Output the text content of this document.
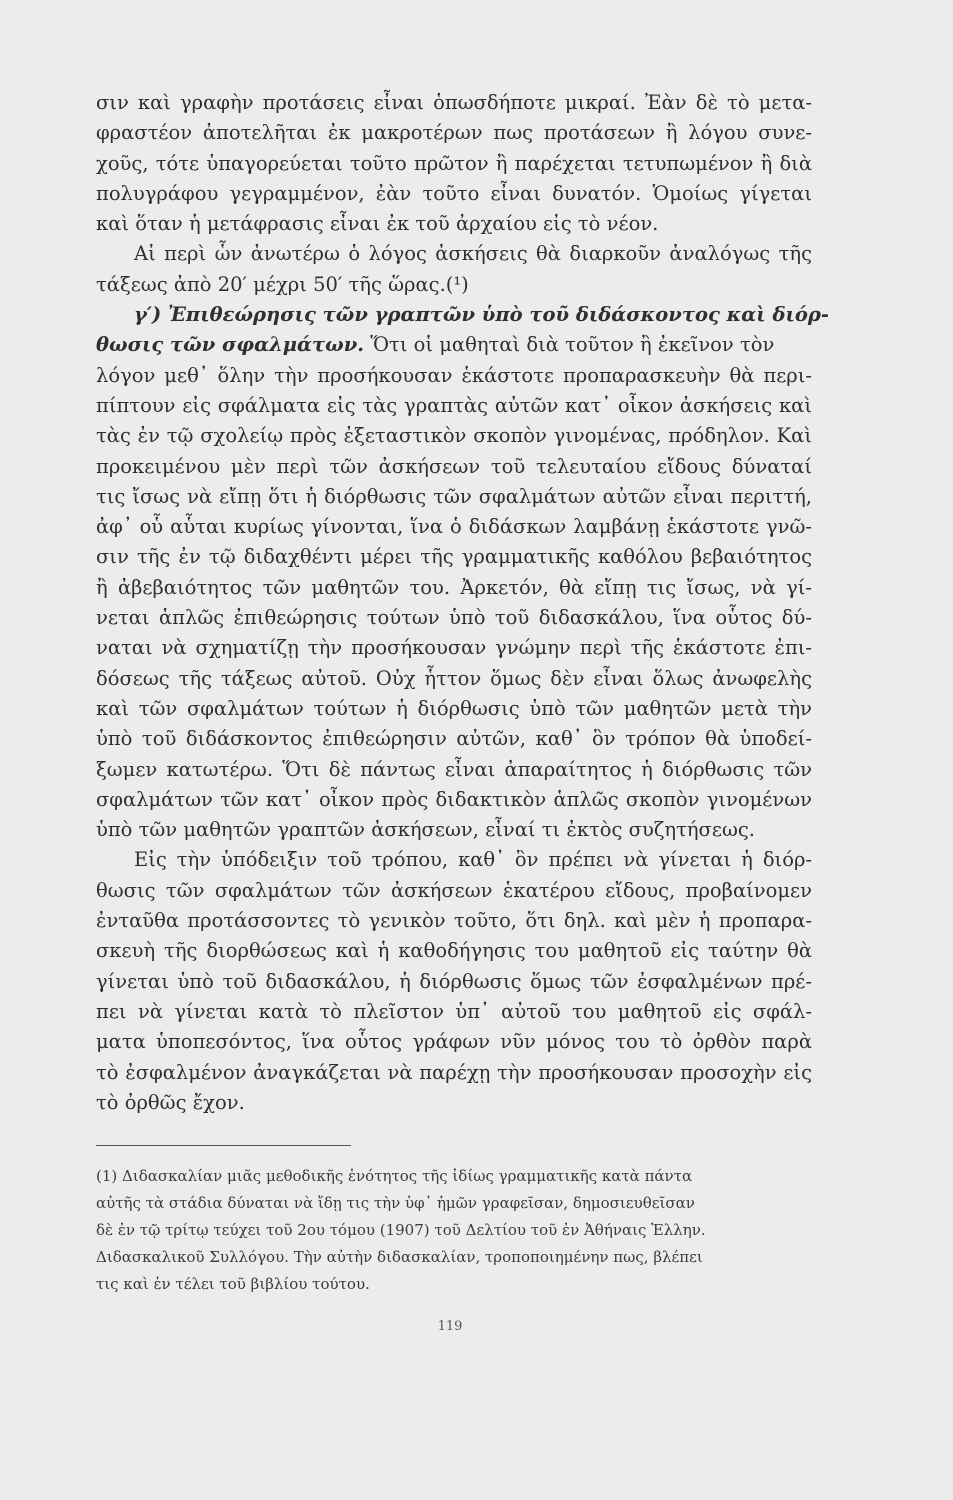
σιν καὶ γραφὴν προτάσεις εἶναι ὁπωσδήποτε μικραί. Ἐὰν δὲ τὸ μετα-
φραστέον ἀποτελῆται ἐκ μακροτέρων πως προτάσεων ἢ λόγου συνε-
χοῦς, τότε ὑπαγορεύεται τοῦτο πρῶτον ἢ παρέχεται τετυπωμένον ἢ διὰ
πολυγράφου γεγραμμένον, ἐὰν τοῦτο εἶναι δυνατόν. Ὁμοίως γίγεται
καὶ ὅταν ἡ μετάφρασις εἶναι ἐκ τοῦ ἀρχαίου εἰς τὸ νέον.
Αἱ περὶ ὧν ἀνωτέρω ὁ λόγος ἀσκήσεις θὰ διαρκοῦν ἀναλόγως τῆς
τάξεως ἀπὸ 20′ μέχρι 50′ τῆς ὥρας.(¹)
γ′) Ἐπιθεώρησις τῶν γραπτῶν ὑπὸ τοῦ διδάσκοντος καὶ διόρ-
θωσις τῶν σφαλμάτων. Ὅτι οἱ μαθηταὶ διὰ τοῦτον ἢ ἐκεῖνον τὸν
λόγον μεθ᾽ ὅλην τὴν προσήκουσαν ἑκάστοτε προπαρασκευὴν θὰ περι-
πίπτουν εἰς σφάλματα εἰς τὰς γραπτὰς αὐτῶν κατ᾽ οἶκον ἀσκήσεις καὶ
τὰς ἐν τῷ σχολείῳ πρὸς ἐξεταστικὸν σκοπὸν γινομένας, πρόδηλον. Καὶ
προκειμένου μὲν περὶ τῶν ἀσκήσεων τοῦ τελευταίου εἴδους δύναταί
τις ἴσως νὰ εἴπῃ ὅτι ἡ διόρθωσις τῶν σφαλμάτων αὐτῶν εἶναι περιττή,
ἀφ᾽ οὗ αὗται κυρίως γίνονται, ἵνα ὁ διδάσκων λαμβάνῃ ἑκάστοτε γνῶ-
σιν τῆς ἐν τῷ διδαχθέντι μέρει τῆς γραμματικῆς καθόλου βεβαιότητος
ἢ ἀβεβαιότητος τῶν μαθητῶν του. Ἀρκετόν, θὰ εἴπῃ τις ἴσως, νὰ γί-
νεται ἁπλῶς ἐπιθεώρησις τούτων ὑπὸ τοῦ διδασκάλου, ἵνα οὗτος δύ-
ναται νὰ σχηματίζῃ τὴν προσήκουσαν γνώμην περὶ τῆς ἑκάστοτε ἐπι-
δόσεως τῆς τάξεως αὐτοῦ. Οὐχ ἧττον ὅμως δὲν εἶναι ὅλως ἀνωφελὴς
καὶ τῶν σφαλμάτων τούτων ἡ διόρθωσις ὑπὸ τῶν μαθητῶν μετὰ τὴν
ὑπὸ τοῦ διδάσκοντος ἐπιθεώρησιν αὐτῶν, καθ᾽ ὃν τρόπον θὰ ὑποδεί-
ξωμεν κατωτέρω. Ὅτι δὲ πάντως εἶναι ἀπαραίτητος ἡ διόρθωσις τῶν
σφαλμάτων τῶν κατ᾽ οἶκον πρὸς διδακτικὸν ἁπλῶς σκοπὸν γινομένων
ὑπὸ τῶν μαθητῶν γραπτῶν ἀσκήσεων, εἶναί τι ἐκτὸς συζητήσεως.
Εἰς τὴν ὑπόδειξιν τοῦ τρόπου, καθ᾽ ὃν πρέπει νὰ γίνεται ἡ διόρ-
θωσις τῶν σφαλμάτων τῶν ἀσκήσεων ἑκατέρου εἴδους, προβαίνομεν
ἐνταῦθα προτάσσοντες τὸ γενικὸν τοῦτο, ὅτι δηλ. καὶ μὲν ἡ προπαρα-
σκευὴ τῆς διορθώσεως καὶ ἡ καθοδήγησις του μαθητοῦ εἰς ταύτην θὰ
γίνεται ὑπὸ τοῦ διδασκάλου, ἡ διόρθωσις ὅμως τῶν ἐσφαλμένων πρέ-
πει νὰ γίνεται κατὰ τὸ πλεῖστον ὑπ᾽ αὐτοῦ του μαθητοῦ εἰς σφάλ-
ματα ὑποπεσόντος, ἵνα οὗτος γράφων νῦν μόνος του τὸ ὀρθὸν παρὰ
τὸ ἐσφαλμένον ἀναγκάζεται νὰ παρέχῃ τὴν προσήκουσαν προσοχὴν εἰς
τὸ ὀρθῶς ἔχον.
(1) Διδασκαλίαν μιᾶς μεθοδικῆς ἑνότητος τῆς ἰδίως γραμματικῆς κατὰ πάντα
αὐτῆς τὰ στάδια δύναται νὰ ἴδῃ τις τὴν ὑφ᾽ ἡμῶν γραφεῖσαν, δημοσιευθεῖσαν
δὲ ἐν τῷ τρίτῳ τεύχει τοῦ 2ου τόμου (1907) τοῦ Δελτίου τοῦ ἐν Ἀθήναις Ἑλλην.
Διδασκαλικοῦ Συλλόγου. Τὴν αὐτὴν διδασκαλίαν, τροποποιημένην πως, βλέπει
τις καὶ ἐν τέλει τοῦ βιβλίου τούτου.
119
